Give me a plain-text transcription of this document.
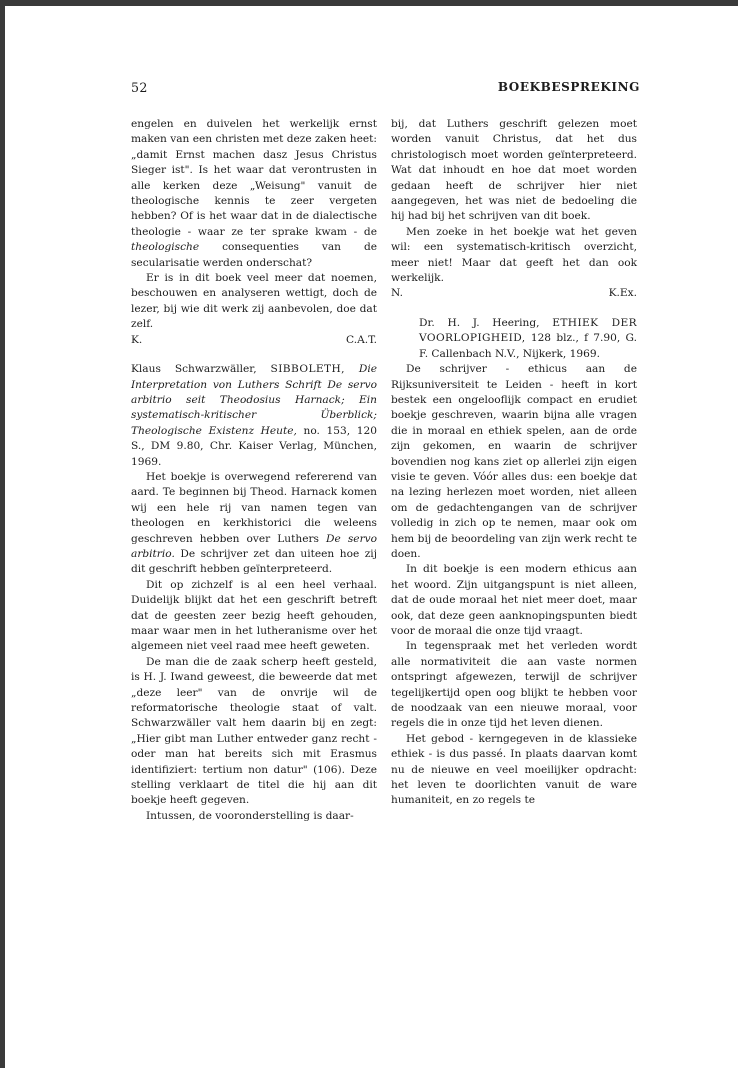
52	BOEKBESPREKING

engelen en duivelen het werkelijk ernst maken van een christen met deze zaken heet: „damit Ernst machen dasz Jesus Christus Sieger ist". Is het waar dat verontrusten in alle kerken deze „Weisung" vanuit de theologische kennis te zeer vergeten hebben? Of is het waar dat in de dialectische theologie - waar ze ter sprake kwam - de theologische consequenties van de secularisatie werden onderschat?

Er is in dit boek veel meer dat noemen, beschouwen en analyseren wettigt, doch de lezer, bij wie dit werk zij aanbevolen, doe dat zelf.

K.	C.A.T.

Klaus Schwarzwäller, SIBBOLETH, Die Interpretation von Luthers Schrift De servo arbitrio seit Theodosius Harnack; Ein systematisch-kritischer Überblick; Theologische Existenz Heute, no. 153, 120 S., DM 9.80, Chr. Kaiser Verlag, München, 1969.

Het boekje is overwegend refererend van aard. Te beginnen bij Theod. Harnack komen wij een hele rij van namen tegen van theologen en kerkhistorici die weleens geschreven hebben over Luthers De servo arbitrio. De schrijver zet dan uiteen hoe zij dit geschrift hebben geïnterpreteerd.

Dit op zichzelf is al een heel verhaal. Duidelijk blijkt dat het een geschrift betreft dat de geesten zeer bezig heeft gehouden, maar waar men in het lutheranisme over het algemeen niet veel raad mee heeft geweten.

De man die de zaak scherp heeft gesteld, is H. J. Iwand geweest, die beweerde dat met „deze leer" van de onvrije wil de reformatorische theologie staat of valt. Schwarzwäller valt hem daarin bij en zegt: „Hier gibt man Luther entweder ganz recht - oder man hat bereits sich mit Erasmus identifiziert: tertium non datur" (106). Deze stelling verklaart de titel die hij aan dit boekje heeft gegeven.

Intussen, de vooronderstelling is daar-

bij, dat Luthers geschrift gelezen moet worden vanuit Christus, dat het dus christologisch moet worden geïnterpreteerd. Wat dat inhoudt en hoe dat moet worden gedaan heeft de schrijver hier niet aangegeven, het was niet de bedoeling die hij had bij het schrijven van dit boek.

Men zoeke in het boekje wat het geven wil: een systematisch-kritisch overzicht, meer niet! Maar dat geeft het dan ook werkelijk.

N.	K.Ex.

Dr. H. J. Heering, ETHIEK DER VOORLOPIGHEID, 128 blz., f 7.90, G. F. Callenbach N.V., Nijkerk, 1969.

De schrijver - ethicus aan de Rijksuniversiteit te Leiden - heeft in kort bestek een ongelooflijk compact en erudiet boekje geschreven, waarin bijna alle vragen die in moraal en ethiek spelen, aan de orde zijn gekomen, en waarin de schrijver bovendien nog kans ziet op allerlei zijn eigen visie te geven. Vóór alles dus: een boekje dat na lezing herlezen moet worden, niet alleen om de gedachtengangen van de schrijver volledig in zich op te nemen, maar ook om hem bij de beoordeling van zijn werk recht te doen.

In dit boekje is een modern ethicus aan het woord. Zijn uitgangspunt is niet alleen, dat de oude moraal het niet meer doet, maar ook, dat deze geen aanknopingspunten biedt voor de moraal die onze tijd vraagt.

In tegenspraak met het verleden wordt alle normativiteit die aan vaste normen ontspringt afgewezen, terwijl de schrijver tegelijkertijd open oog blijkt te hebben voor de noodzaak van een nieuwe moraal, voor regels die in onze tijd het leven dienen.

Het gebod - kerngegeven in de klassieke ethiek - is dus passé. In plaats daarvan komt nu de nieuwe en veel moeilijker opdracht: het leven te doorlichten vanuit de ware humaniteit, en zo regels te
